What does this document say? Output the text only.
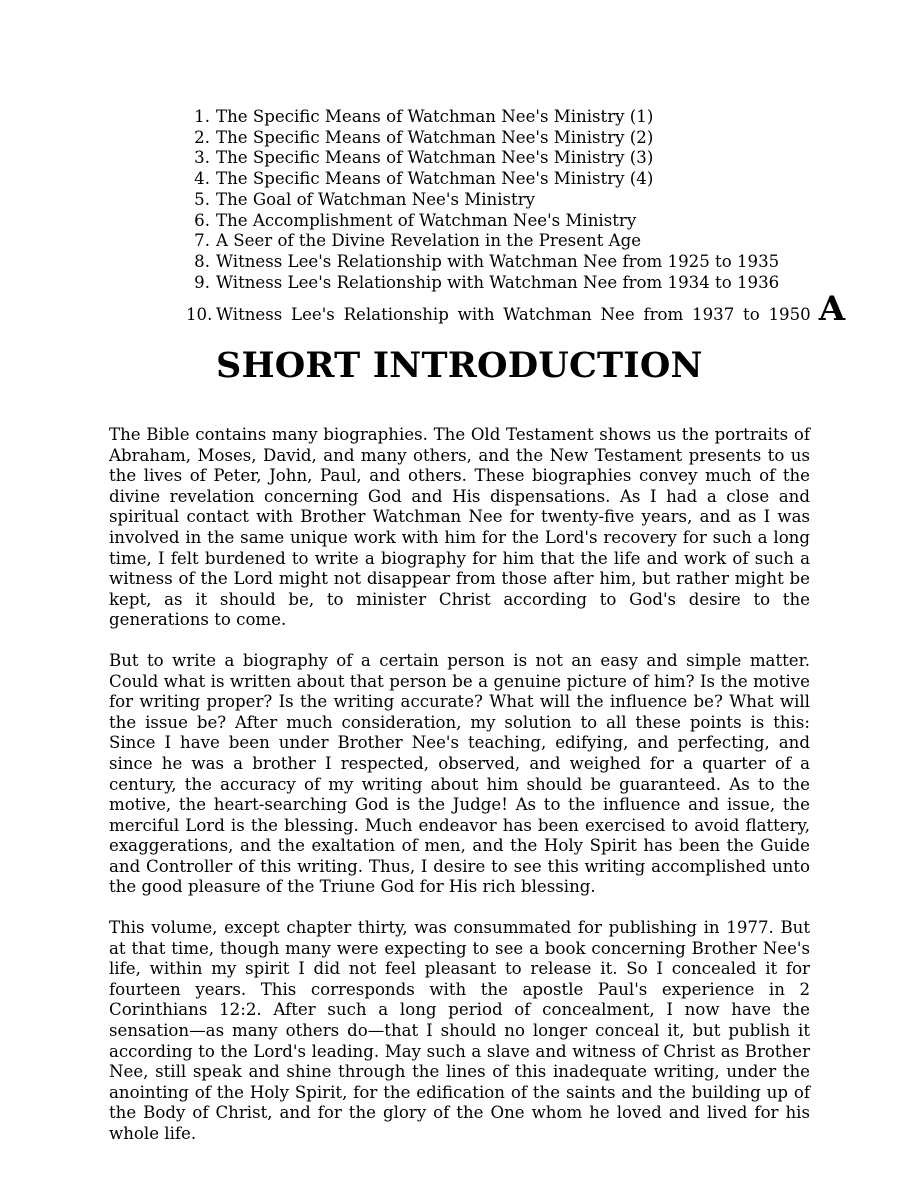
1. The Specific Means of Watchman Nee's Ministry (1)
2. The Specific Means of Watchman Nee's Ministry (2)
3. The Specific Means of Watchman Nee's Ministry (3)
4. The Specific Means of Watchman Nee's Ministry (4)
5. The Goal of Watchman Nee's Ministry
6. The Accomplishment of Watchman Nee's Ministry
7. A Seer of the Divine Revelation in the Present Age
8. Witness Lee's Relationship with Watchman Nee from 1925 to 1935
9. Witness Lee's Relationship with Watchman Nee from 1934 to 1936
10. Witness Lee's Relationship with Watchman Nee from 1937 to 1950 A
SHORT INTRODUCTION

The Bible contains many biographies. The Old Testament shows us the portraits of Abraham, Moses, David, and many others, and the New Testament presents to us the lives of Peter, John, Paul, and others. These biographies convey much of the divine revelation concerning God and His dispensations. As I had a close and spiritual contact with Brother Watchman Nee for twenty-five years, and as I was involved in the same unique work with him for the Lord's recovery for such a long time, I felt burdened to write a biography for him that the life and work of such a witness of the Lord might not disappear from those after him, but rather might be kept, as it should be, to minister Christ according to God's desire to the generations to come.

But to write a biography of a certain person is not an easy and simple matter. Could what is written about that person be a genuine picture of him? Is the motive for writing proper? Is the writing accurate? What will the influence be? What will the issue be? After much consideration, my solution to all these points is this: Since I have been under Brother Nee's teaching, edifying, and perfecting, and since he was a brother I respected, observed, and weighed for a quarter of a century, the accuracy of my writing about him should be guaranteed. As to the motive, the heart-searching God is the Judge! As to the influence and issue, the merciful Lord is the blessing. Much endeavor has been exercised to avoid flattery, exaggerations, and the exaltation of men, and the Holy Spirit has been the Guide and Controller of this writing. Thus, I desire to see this writing accomplished unto the good pleasure of the Triune God for His rich blessing.

This volume, except chapter thirty, was consummated for publishing in 1977. But at that time, though many were expecting to see a book concerning Brother Nee's life, within my spirit I did not feel pleasant to release it. So I concealed it for fourteen years. This corresponds with the apostle Paul's experience in 2 Corinthians 12:2. After such a long period of concealment, I now have the sensation—as many others do—that I should no longer conceal it, but publish it according to the Lord's leading. May such a slave and witness of Christ as Brother Nee, still speak and shine through the lines of this inadequate writing, under the anointing of the Holy Spirit, for the edification of the saints and the building up of the Body of Christ, and for the glory of the One whom he loved and lived for his whole life.
